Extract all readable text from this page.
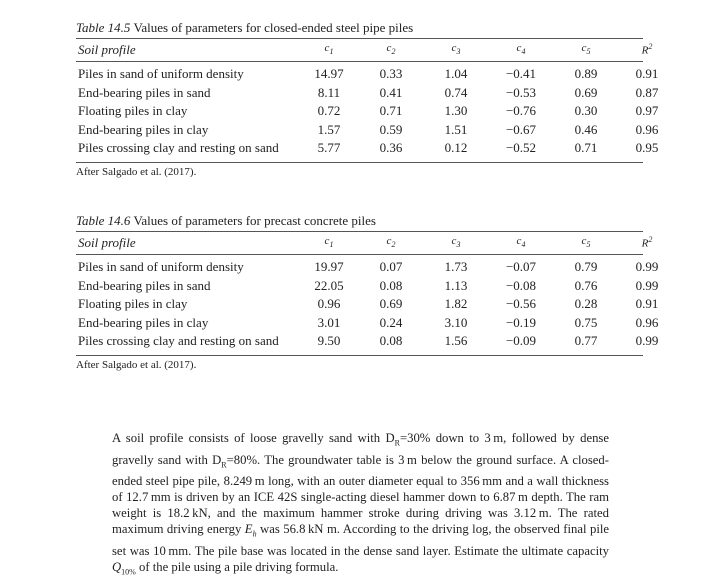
Table 14.5 Values of parameters for closed-ended steel pipe piles
Soil profile	$c_1$	$c_2$	$c_3$	$c_4$	$c_5$	$R^2$
Piles in sand of uniform density	14.97	0.33	1.04	−0.41	0.89	0.91
End-bearing piles in sand	8.11	0.41	0.74	−0.53	0.69	0.87
Floating piles in clay	0.72	0.71	1.30	−0.76	0.30	0.97
End-bearing piles in clay	1.57	0.59	1.51	−0.67	0.46	0.96
Piles crossing clay and resting on sand	5.77	0.36	0.12	−0.52	0.71	0.95
After Salgado et al. (2017).
Table 14.6 Values of parameters for precast concrete piles
Soil profile	$c_1$	$c_2$	$c_3$	$c_4$	$c_5$	$R^2$
Piles in sand of uniform density	19.97	0.07	1.73	−0.07	0.79	0.99
End-bearing piles in sand	22.05	0.08	1.13	−0.08	0.76	0.99
Floating piles in clay	0.96	0.69	1.82	−0.56	0.28	0.91
End-bearing piles in clay	3.01	0.24	3.10	−0.19	0.75	0.96
Piles crossing clay and resting on sand	9.50	0.08	1.56	−0.09	0.77	0.99
After Salgado et al. (2017).
A soil profile consists of loose gravelly sand with $D_R=30\%$ down to 3 m, followed by dense gravelly sand with $D_R=80\%$. The groundwater table is 3 m below the ground surface. A closed-ended steel pipe pile, 8.249 m long, with an outer diameter equal to 356 mm and a wall thickness of 12.7 mm is driven by an ICE 42S single-acting diesel hammer down to 6.87 m depth. The ram weight is 18.2 kN, and the maximum hammer stroke during driving was 3.12 m. The rated maximum driving energy $E_h$ was 56.8 kN m. According to the driving log, the observed final pile set was 10 mm. The pile base was located in the dense sand layer. Estimate the ultimate capacity $Q_{10\%}$ of the pile using a pile driving formula.
